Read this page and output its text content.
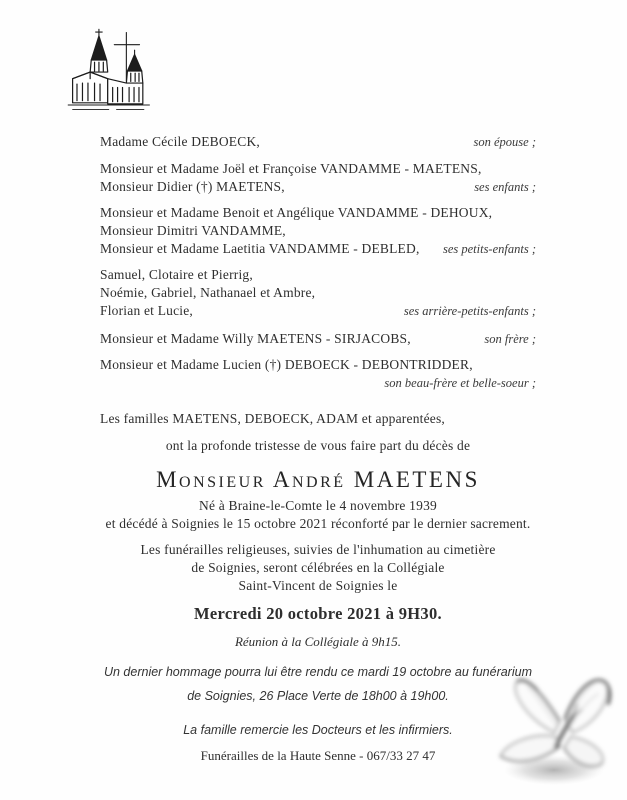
Madame Cécile DEBOECK,	son épouse ;
Monsieur et Madame Joël et Françoise VANDAMME - MAETENS,
Monsieur Didier (†) MAETENS,	ses enfants ;
Monsieur et Madame Benoit et Angélique VANDAMME - DEHOUX,
Monsieur Dimitri VANDAMME,
Monsieur et Madame Laetitia VANDAMME - DEBLED,	ses petits-enfants ;
Samuel, Clotaire et Pierrig,
Noémie, Gabriel, Nathanael et Ambre,
Florian et Lucie,	ses arrière-petits-enfants ;
Monsieur et Madame Willy MAETENS - SIRJACOBS,	son frère ;
Monsieur et Madame Lucien (†) DEBOECK - DEBONTRIDDER,
son beau-frère et belle-soeur ;
Les familles MAETENS, DEBOECK, ADAM et apparentées,
ont la profonde tristesse de vous faire part du décès de
Monsieur André MAETENS
Né à Braine-le-Comte le 4 novembre 1939
et décédé à Soignies le 15 octobre 2021 réconforté par le dernier sacrement.
Les funérailles religieuses, suivies de l'inhumation au cimetière
de Soignies, seront célébrées en la Collégiale
Saint-Vincent de Soignies le
Mercredi 20 octobre 2021 à 9H30.
Réunion à la Collégiale à 9h15.
Un dernier hommage pourra lui être rendu ce mardi 19 octobre au funérarium
de Soignies, 26 Place Verte de 18h00 à 19h00.
La famille remercie les Docteurs et les infirmiers.
Funérailles de la Haute Senne - 067/33 27 47
